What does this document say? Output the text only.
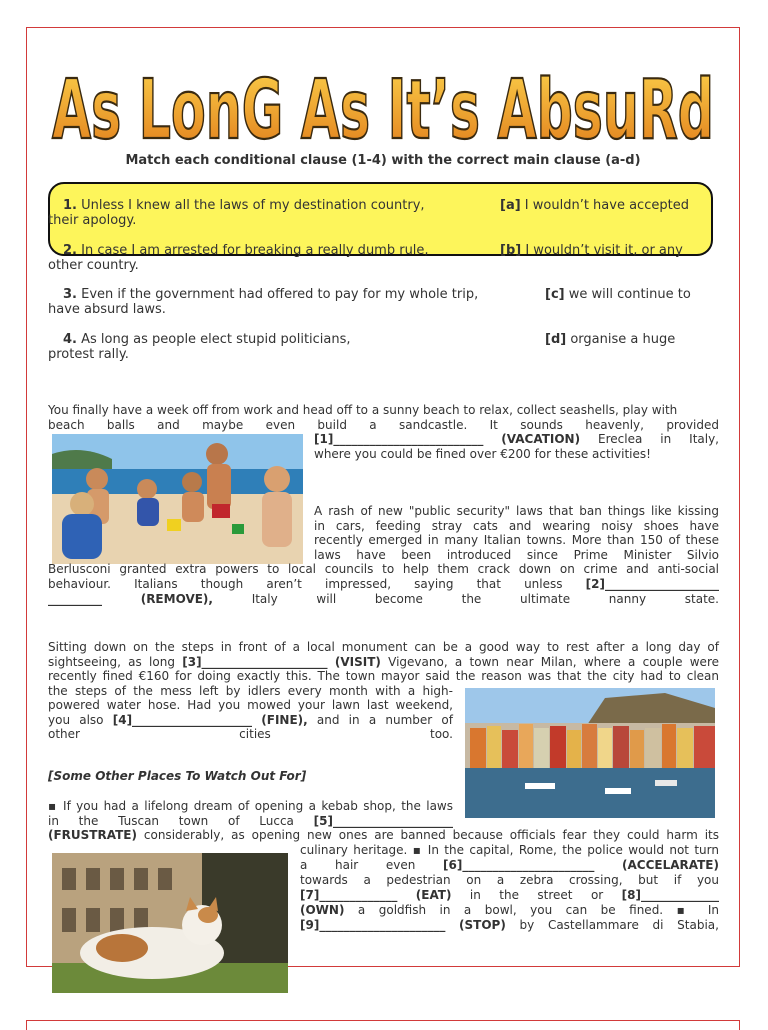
As LonG As It’s AbsuRd
Match each conditional clause (1-4) with the correct main clause (a-d)
1. Unless I knew all the laws of my destination country,
their apology.
[a] I wouldn’t have accepted
2. In case I am arrested for breaking a really dumb rule,
other country.
[b] I wouldn’t visit it, or any
3. Even if the government had offered to pay for my whole trip,
have absurd laws.
[c] we will continue to
4. As long as people elect stupid politicians,
protest rally.
[d] organise a huge
You finally have a week off from work and head off to a sunny beach to relax, collect seashells, play with
beach balls and maybe even build a sandcastle. It sounds heavenly, provided
[1]_________________________ (VACATION) Ereclea in Italy,
where you could be fined over €200 for these activities!
A rash of new "public security" laws that ban things like kissing
in cars, feeding stray cats and wearing noisy shoes have
recently emerged in many Italian towns. More than 150 of these
laws have been introduced since Prime Minister Silvio
Berlusconi granted extra powers to local councils to help them crack down on crime and anti-social
behaviour. Italians though aren’t impressed, saying that unless [2]___________________
_________	(REMOVE),	Italy will become the ultimate nanny state.
Sitting down on the steps in front of a local monument can be a good way to rest after a long day of
sightseeing, as long [3]_____________________ (VISIT) Vigevano, a town near Milan, where a couple were
recently fined €160 for doing exactly this. The town mayor said the reason was that the city had to clean
the steps of the mess left by idlers every month with a high-
powered water hose. Had you mowed your lawn last weekend,
you also [4]____________________ (FINE), and in a number of
other cities too.
[Some Other Places To Watch Out For]
▪ If you had a lifelong dream of opening a kebab shop, the laws
in the Tuscan town of Lucca [5]____________________
(FRUSTRATE) considerably, as opening new ones are banned because officials fear they could harm its
culinary heritage. ▪ In the capital, Rome, the police would not turn
a hair even [6]______________________ (ACCELARATE)
towards a pedestrian on a zebra crossing, but if you
[7]_____________ (EAT) in the street or [8]_____________
(OWN) a goldfish in a bowl, you can be fined. ▪ In
[9]_____________________ (STOP) by Castellammare di Stabia,
